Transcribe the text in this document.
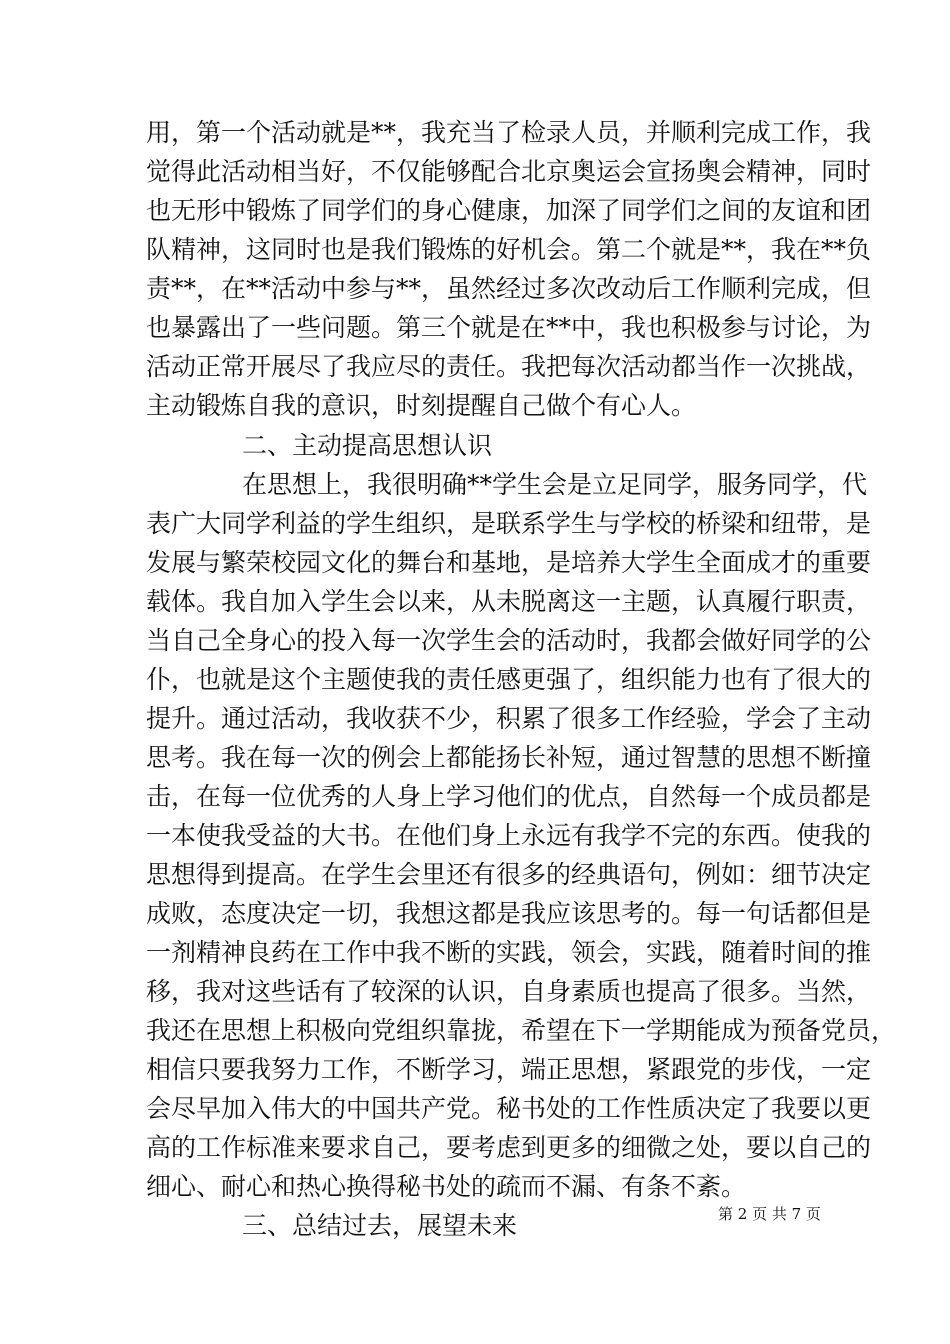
用，第一个活动就是**，我充当了检录人员，并顺利完成工作，我
觉得此活动相当好，不仅能够配合北京奥运会宣扬奥会精神，同时
也无形中锻炼了同学们的身心健康，加深了同学们之间的友谊和团
队精神，这同时也是我们锻炼的好机会。第二个就是**，我在**负
责**，在**活动中参与**，虽然经过多次改动后工作顺利完成，但
也暴露出了一些问题。第三个就是在**中，我也积极参与讨论，为
活动正常开展尽了我应尽的责任。我把每次活动都当作一次挑战，
主动锻炼自我的意识，时刻提醒自己做个有心人。
二、主动提高思想认识
在思想上，我很明确**学生会是立足同学，服务同学，代
表广大同学利益的学生组织，是联系学生与学校的桥梁和纽带，是
发展与繁荣校园文化的舞台和基地，是培养大学生全面成才的重要
载体。我自加入学生会以来，从未脱离这一主题，认真履行职责，
当自己全身心的投入每一次学生会的活动时，我都会做好同学的公
仆，也就是这个主题使我的责任感更强了，组织能力也有了很大的
提升。通过活动，我收获不少，积累了很多工作经验，学会了主动
思考。我在每一次的例会上都能扬长补短，通过智慧的思想不断撞
击，在每一位优秀的人身上学习他们的优点，自然每一个成员都是
一本使我受益的大书。在他们身上永远有我学不完的东西。使我的
思想得到提高。在学生会里还有很多的经典语句，例如：细节决定
成败，态度决定一切，我想这都是我应该思考的。每一句话都但是
一剂精神良药在工作中我不断的实践，领会，实践，随着时间的推
移，我对这些话有了较深的认识，自身素质也提高了很多。当然，
我还在思想上积极向党组织靠拢，希望在下一学期能成为预备党员，
相信只要我努力工作，不断学习，端正思想，紧跟党的步伐，一定
会尽早加入伟大的中国共产党。秘书处的工作性质决定了我要以更
高的工作标准来要求自己，要考虑到更多的细微之处，要以自己的
细心、耐心和热心换得秘书处的疏而不漏、有条不紊。
三、总结过去，展望未来	第 2 页 共 7 页
